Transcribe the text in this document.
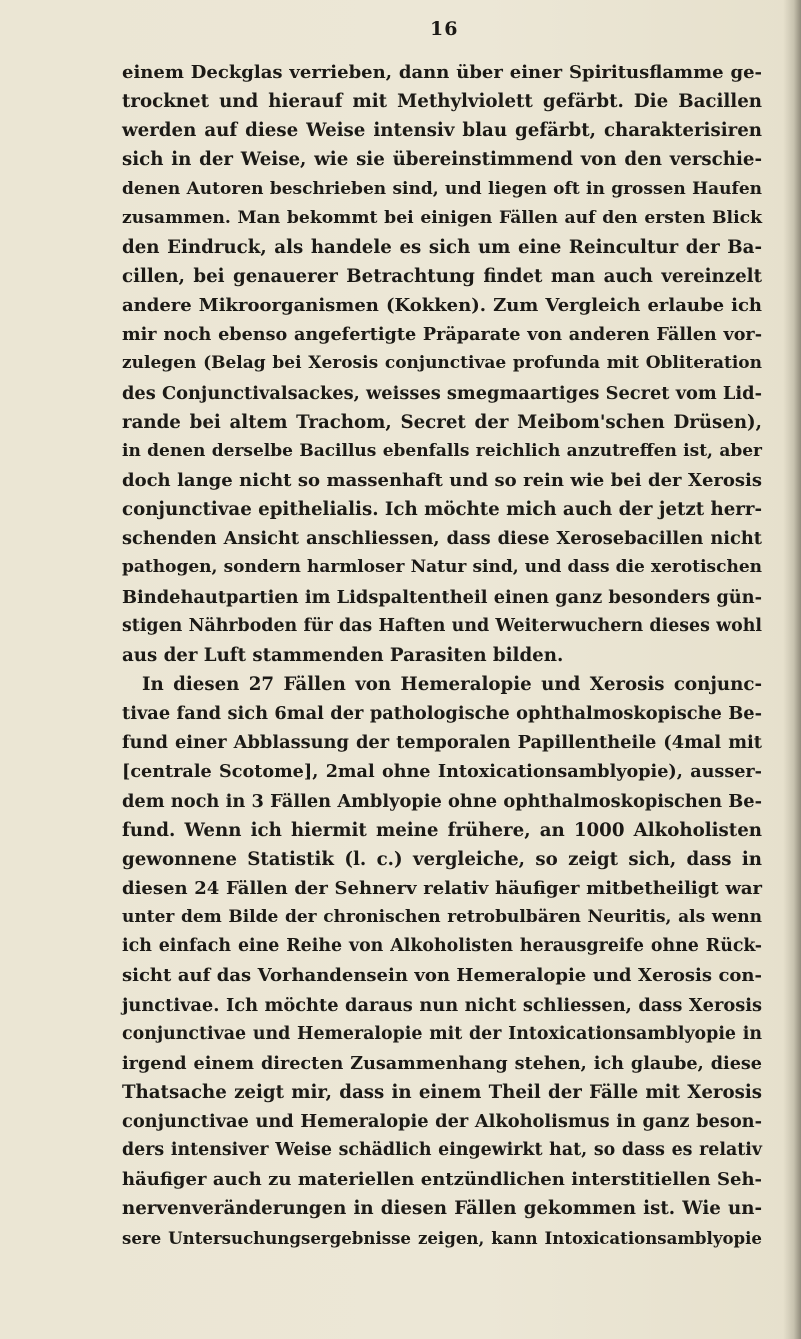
16
einem Deckglas verrieben, dann über einer Spiritusflamme ge-
trocknet und hierauf mit Methylviolett gefärbt. Die Bacillen
werden auf diese Weise intensiv blau gefärbt, charakterisiren
sich in der Weise, wie sie übereinstimmend von den verschie-
denen Autoren beschrieben sind, und liegen oft in grossen Haufen
zusammen. Man bekommt bei einigen Fällen auf den ersten Blick
den Eindruck, als handele es sich um eine Reincultur der Ba-
cillen, bei genauerer Betrachtung findet man auch vereinzelt
andere Mikroorganismen (Kokken). Zum Vergleich erlaube ich
mir noch ebenso angefertigte Präparate von anderen Fällen vor-
zulegen (Belag bei Xerosis conjunctivae profunda mit Obliteration
des Conjunctivalsackes, weisses smegmaartiges Secret vom Lid-
rande bei altem Trachom, Secret der Meibom'schen Drüsen),
in denen derselbe Bacillus ebenfalls reichlich anzutreffen ist, aber
doch lange nicht so massenhaft und so rein wie bei der Xerosis
conjunctivae epithelialis. Ich möchte mich auch der jetzt herr-
schenden Ansicht anschliessen, dass diese Xerosebacillen nicht
pathogen, sondern harmloser Natur sind, und dass die xerotischen
Bindehautpartien im Lidspaltentheil einen ganz besonders gün-
stigen Nährboden für das Haften und Weiterwuchern dieses wohl
aus der Luft stammenden Parasiten bilden.
In diesen 27 Fällen von Hemeralopie und Xerosis conjunc-
tivae fand sich 6mal der pathologische ophthalmoskopische Be-
fund einer Abblassung der temporalen Papillentheile (4mal mit
[centrale Scotome], 2mal ohne Intoxicationsamblyopie), ausser-
dem noch in 3 Fällen Amblyopie ohne ophthalmoskopischen Be-
fund. Wenn ich hiermit meine frühere, an 1000 Alkoholisten
gewonnene Statistik (l. c.) vergleiche, so zeigt sich, dass in
diesen 24 Fällen der Sehnerv relativ häufiger mitbetheiligt war
unter dem Bilde der chronischen retrobulbären Neuritis, als wenn
ich einfach eine Reihe von Alkoholisten herausgreife ohne Rück-
sicht auf das Vorhandensein von Hemeralopie und Xerosis con-
junctivae. Ich möchte daraus nun nicht schliessen, dass Xerosis
conjunctivae und Hemeralopie mit der Intoxicationsamblyopie in
irgend einem directen Zusammenhang stehen, ich glaube, diese
Thatsache zeigt mir, dass in einem Theil der Fälle mit Xerosis
conjunctivae und Hemeralopie der Alkoholismus in ganz beson-
ders intensiver Weise schädlich eingewirkt hat, so dass es relativ
häufiger auch zu materiellen entzündlichen interstitiellen Seh-
nervenveränderungen in diesen Fällen gekommen ist. Wie un-
sere Untersuchungsergebnisse zeigen, kann Intoxicationsamblyopie
